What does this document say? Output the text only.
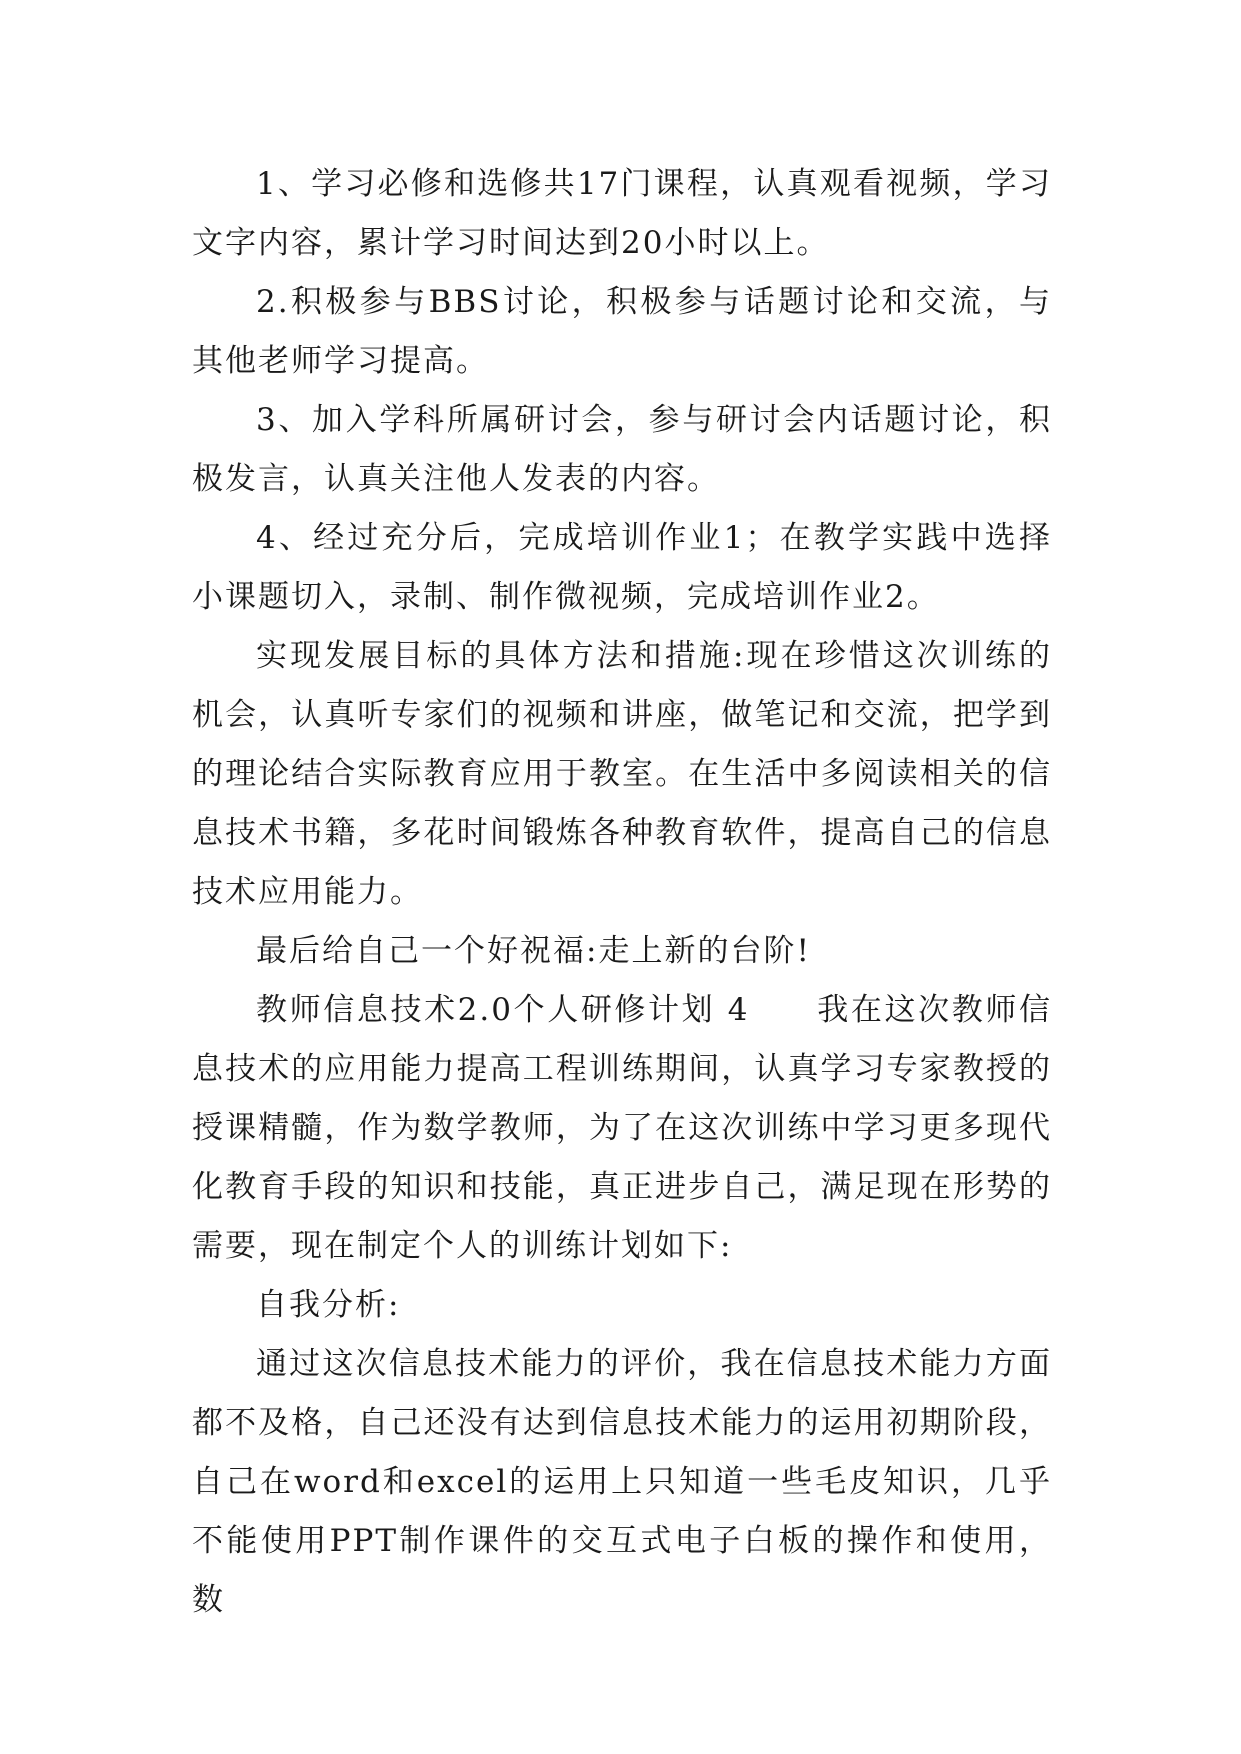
1、学习必修和选修共17门课程，认真观看视频，学习文字内容，累计学习时间达到20小时以上。

2.积极参与BBS讨论，积极参与话题讨论和交流，与其他老师学习提高。

3、加入学科所属研讨会，参与研讨会内话题讨论，积极发言，认真关注他人发表的内容。

4、经过充分后，完成培训作业1；在教学实践中选择小课题切入，录制、制作微视频，完成培训作业2。

实现发展目标的具体方法和措施:现在珍惜这次训练的机会，认真听专家们的视频和讲座，做笔记和交流，把学到的理论结合实际教育应用于教室。在生活中多阅读相关的信息技术书籍，多花时间锻炼各种教育软件，提高自己的信息技术应用能力。

最后给自己一个好祝福:走上新的台阶!

教师信息技术2.0个人研修计划 4　　我在这次教师信息技术的应用能力提高工程训练期间，认真学习专家教授的授课精髓，作为数学教师，为了在这次训练中学习更多现代化教育手段的知识和技能，真正进步自己，满足现在形势的需要，现在制定个人的训练计划如下:

自我分析:

通过这次信息技术能力的评价，我在信息技术能力方面都不及格，自己还没有达到信息技术能力的运用初期阶段，自己在word和excel的运用上只知道一些毛皮知识，几乎不能使用PPT制作课件的交互式电子白板的操作和使用，数
